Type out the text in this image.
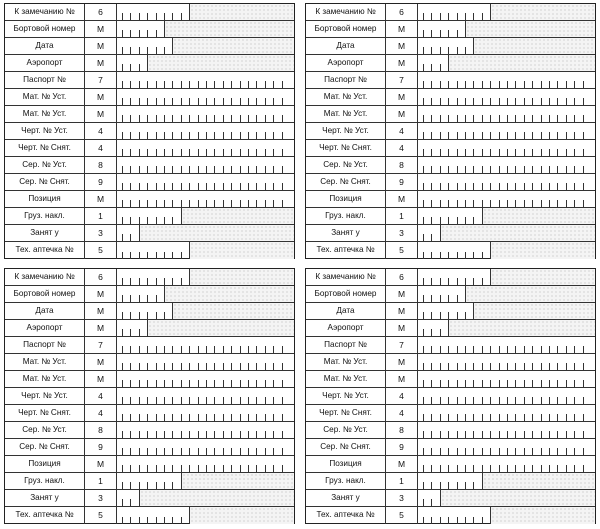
К замечанию №	6
Бортовой номер	M
Дата	M
Аэропорт	M
Паспорт №	7
Мат. № Уст.	M
Мат. № Уст.	M
Черт. № Уст.	4
Черт. № Снят.	4
Сер. № Уст.	8
Сер. № Снят.	9
Позиция	M
Груз. накл.	1
Занят у	3
Тех. аптечка №	5
К замечанию №	6
Бортовой номер	M
Дата	M
Аэропорт	M
Паспорт №	7
Мат. № Уст.	M
Мат. № Уст.	M
Черт. № Уст.	4
Черт. № Снят.	4
Сер. № Уст.	8
Сер. № Снят.	9
Позиция	M
Груз. накл.	1
Занят у	3
Тех. аптечка №	5
К замечанию №	6
Бортовой номер	M
Дата	M
Аэропорт	M
Паспорт №	7
Мат. № Уст.	M
Мат. № Уст.	M
Черт. № Уст.	4
Черт. № Снят.	4
Сер. № Уст.	8
Сер. № Снят.	9
Позиция	M
Груз. накл.	1
Занят у	3
Тех. аптечка №	5
К замечанию №	6
Бортовой номер	M
Дата	M
Аэропорт	M
Паспорт №	7
Мат. № Уст.	M
Мат. № Уст.	M
Черт. № Уст.	4
Черт. № Снят.	4
Сер. № Уст.	8
Сер. № Снят.	9
Позиция	M
Груз. накл.	1
Занят у	3
Тех. аптечка №	5
